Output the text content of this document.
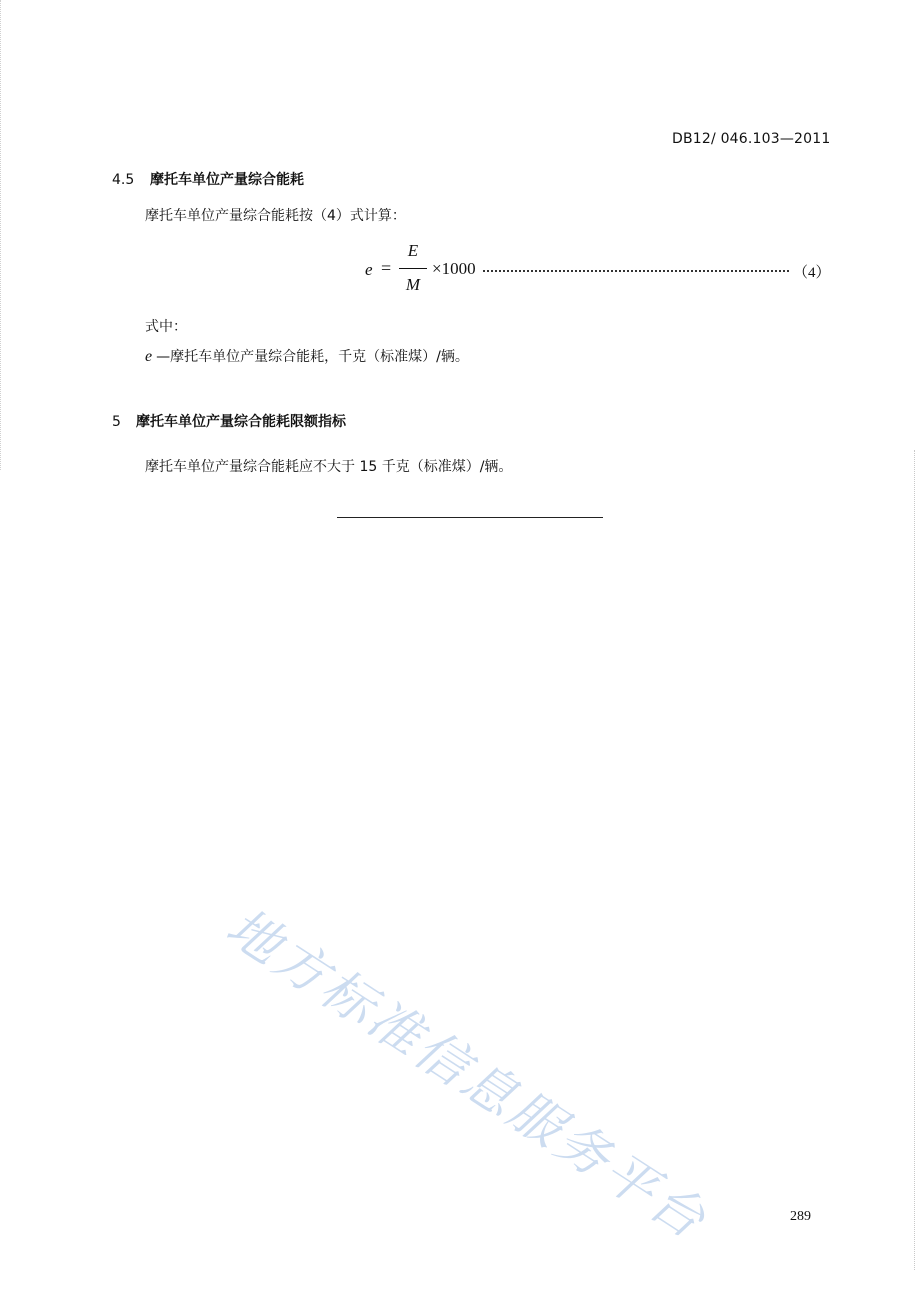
DB12/ 046.103—2011
4.5 摩托车单位产量综合能耗
摩托车单位产量综合能耗按（4）式计算：
e =
E
M
×1000	（4）
式中：
e —摩托车单位产量综合能耗，千克（标准煤）/辆。
5 摩托车单位产量综合能耗限额指标
摩托车单位产量综合能耗应不大于 15 千克（标准煤）/辆。
地方标准信息服务平台	289
